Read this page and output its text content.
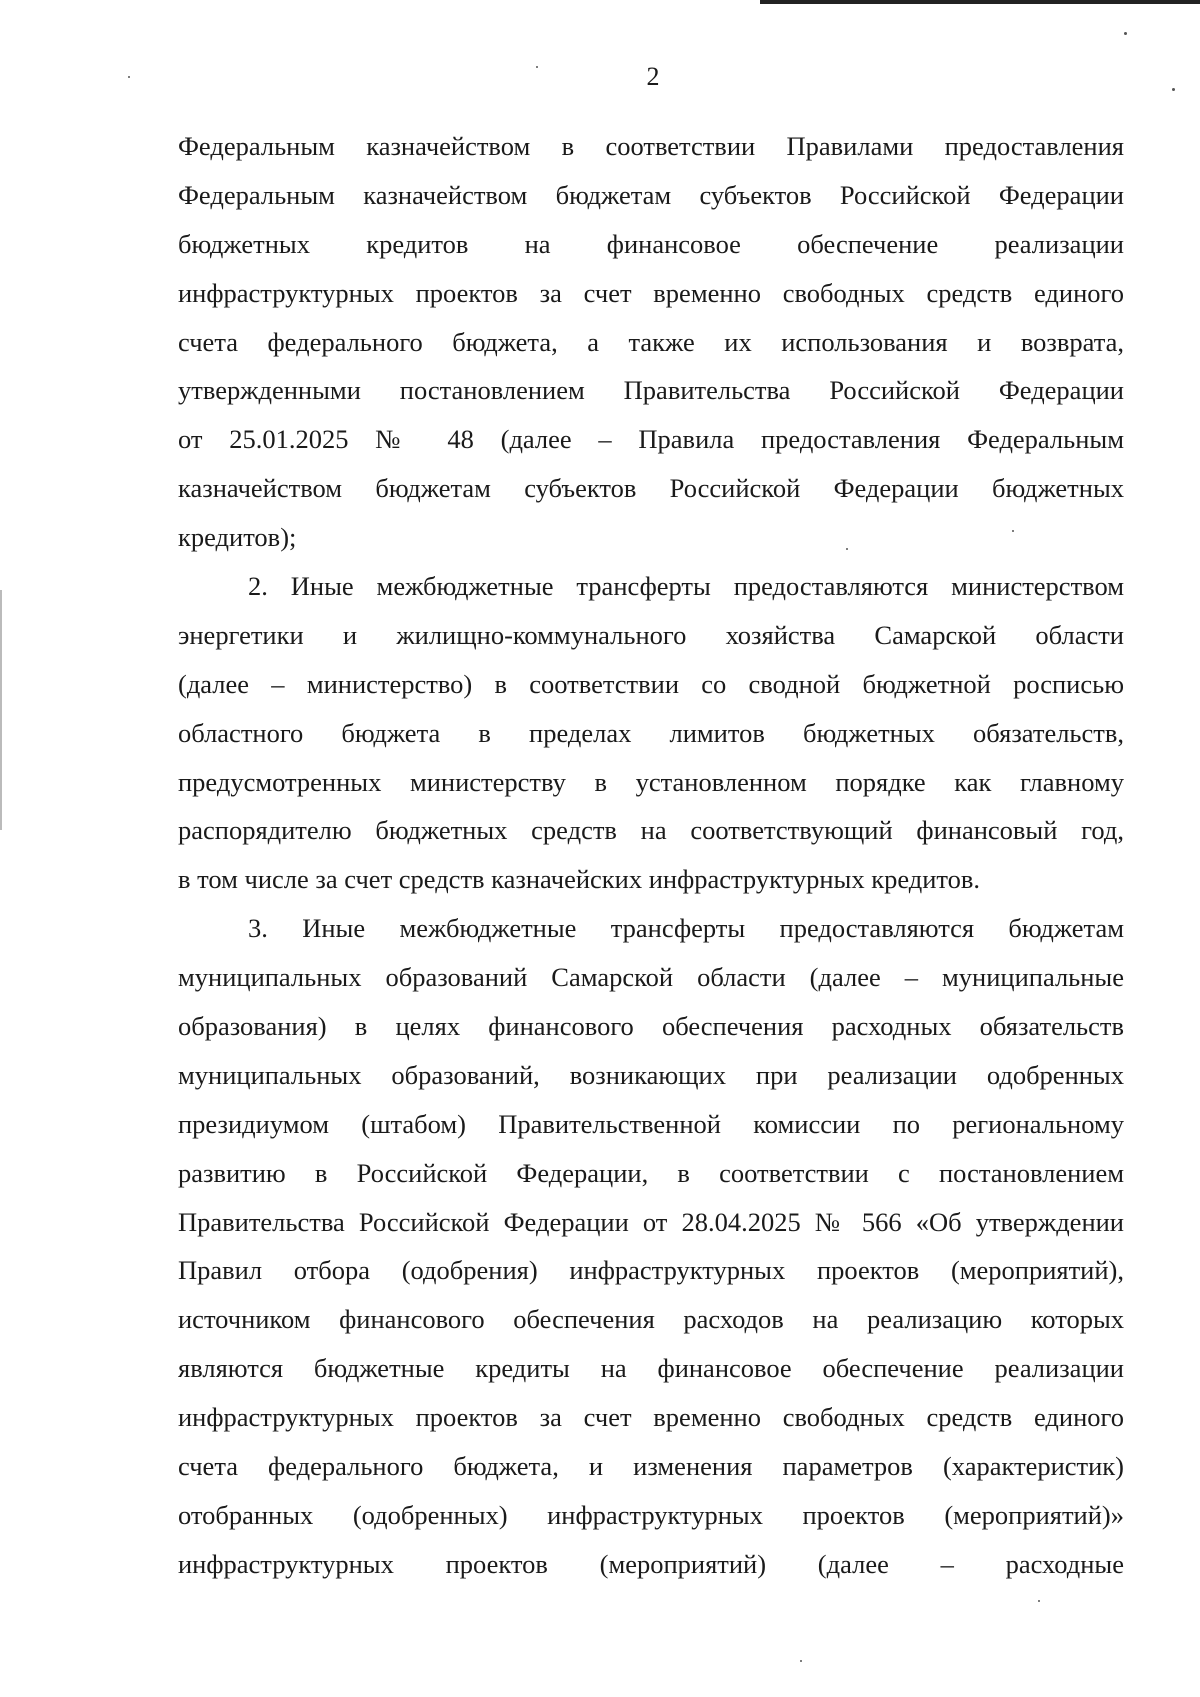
2
Федеральным казначейством в соответствии Правилами предоставления
Федеральным казначейством бюджетам субъектов Российской Федерации
бюджетных кредитов на финансовое обеспечение реализации
инфраструктурных проектов за счет временно свободных средств единого
счета федерального бюджета, а также их использования и возврата,
утвержденными постановлением Правительства Российской Федерации
от 25.01.2025 № 48 (далее – Правила предоставления Федеральным
казначейством бюджетам субъектов Российской Федерации бюджетных
кредитов);
2. Иные межбюджетные трансферты предоставляются министерством
энергетики и жилищно-коммунального хозяйства Самарской области
(далее – министерство) в соответствии со сводной бюджетной росписью
областного бюджета в пределах лимитов бюджетных обязательств,
предусмотренных министерству в установленном порядке как главному
распорядителю бюджетных средств на соответствующий финансовый год,
в том числе за счет средств казначейских инфраструктурных кредитов.
3. Иные межбюджетные трансферты предоставляются бюджетам
муниципальных образований Самарской области (далее – муниципальные
образования) в целях финансового обеспечения расходных обязательств
муниципальных образований, возникающих при реализации одобренных
президиумом (штабом) Правительственной комиссии по региональному
развитию в Российской Федерации, в соответствии с постановлением
Правительства Российской Федерации от 28.04.2025 № 566 «Об утверждении
Правил отбора (одобрения) инфраструктурных проектов (мероприятий),
источником финансового обеспечения расходов на реализацию которых
являются бюджетные кредиты на финансовое обеспечение реализации
инфраструктурных проектов за счет временно свободных средств единого
счета федерального бюджета, и изменения параметров (характеристик)
отобранных (одобренных) инфраструктурных проектов (мероприятий)»
инфраструктурных проектов (мероприятий) (далее – расходные
